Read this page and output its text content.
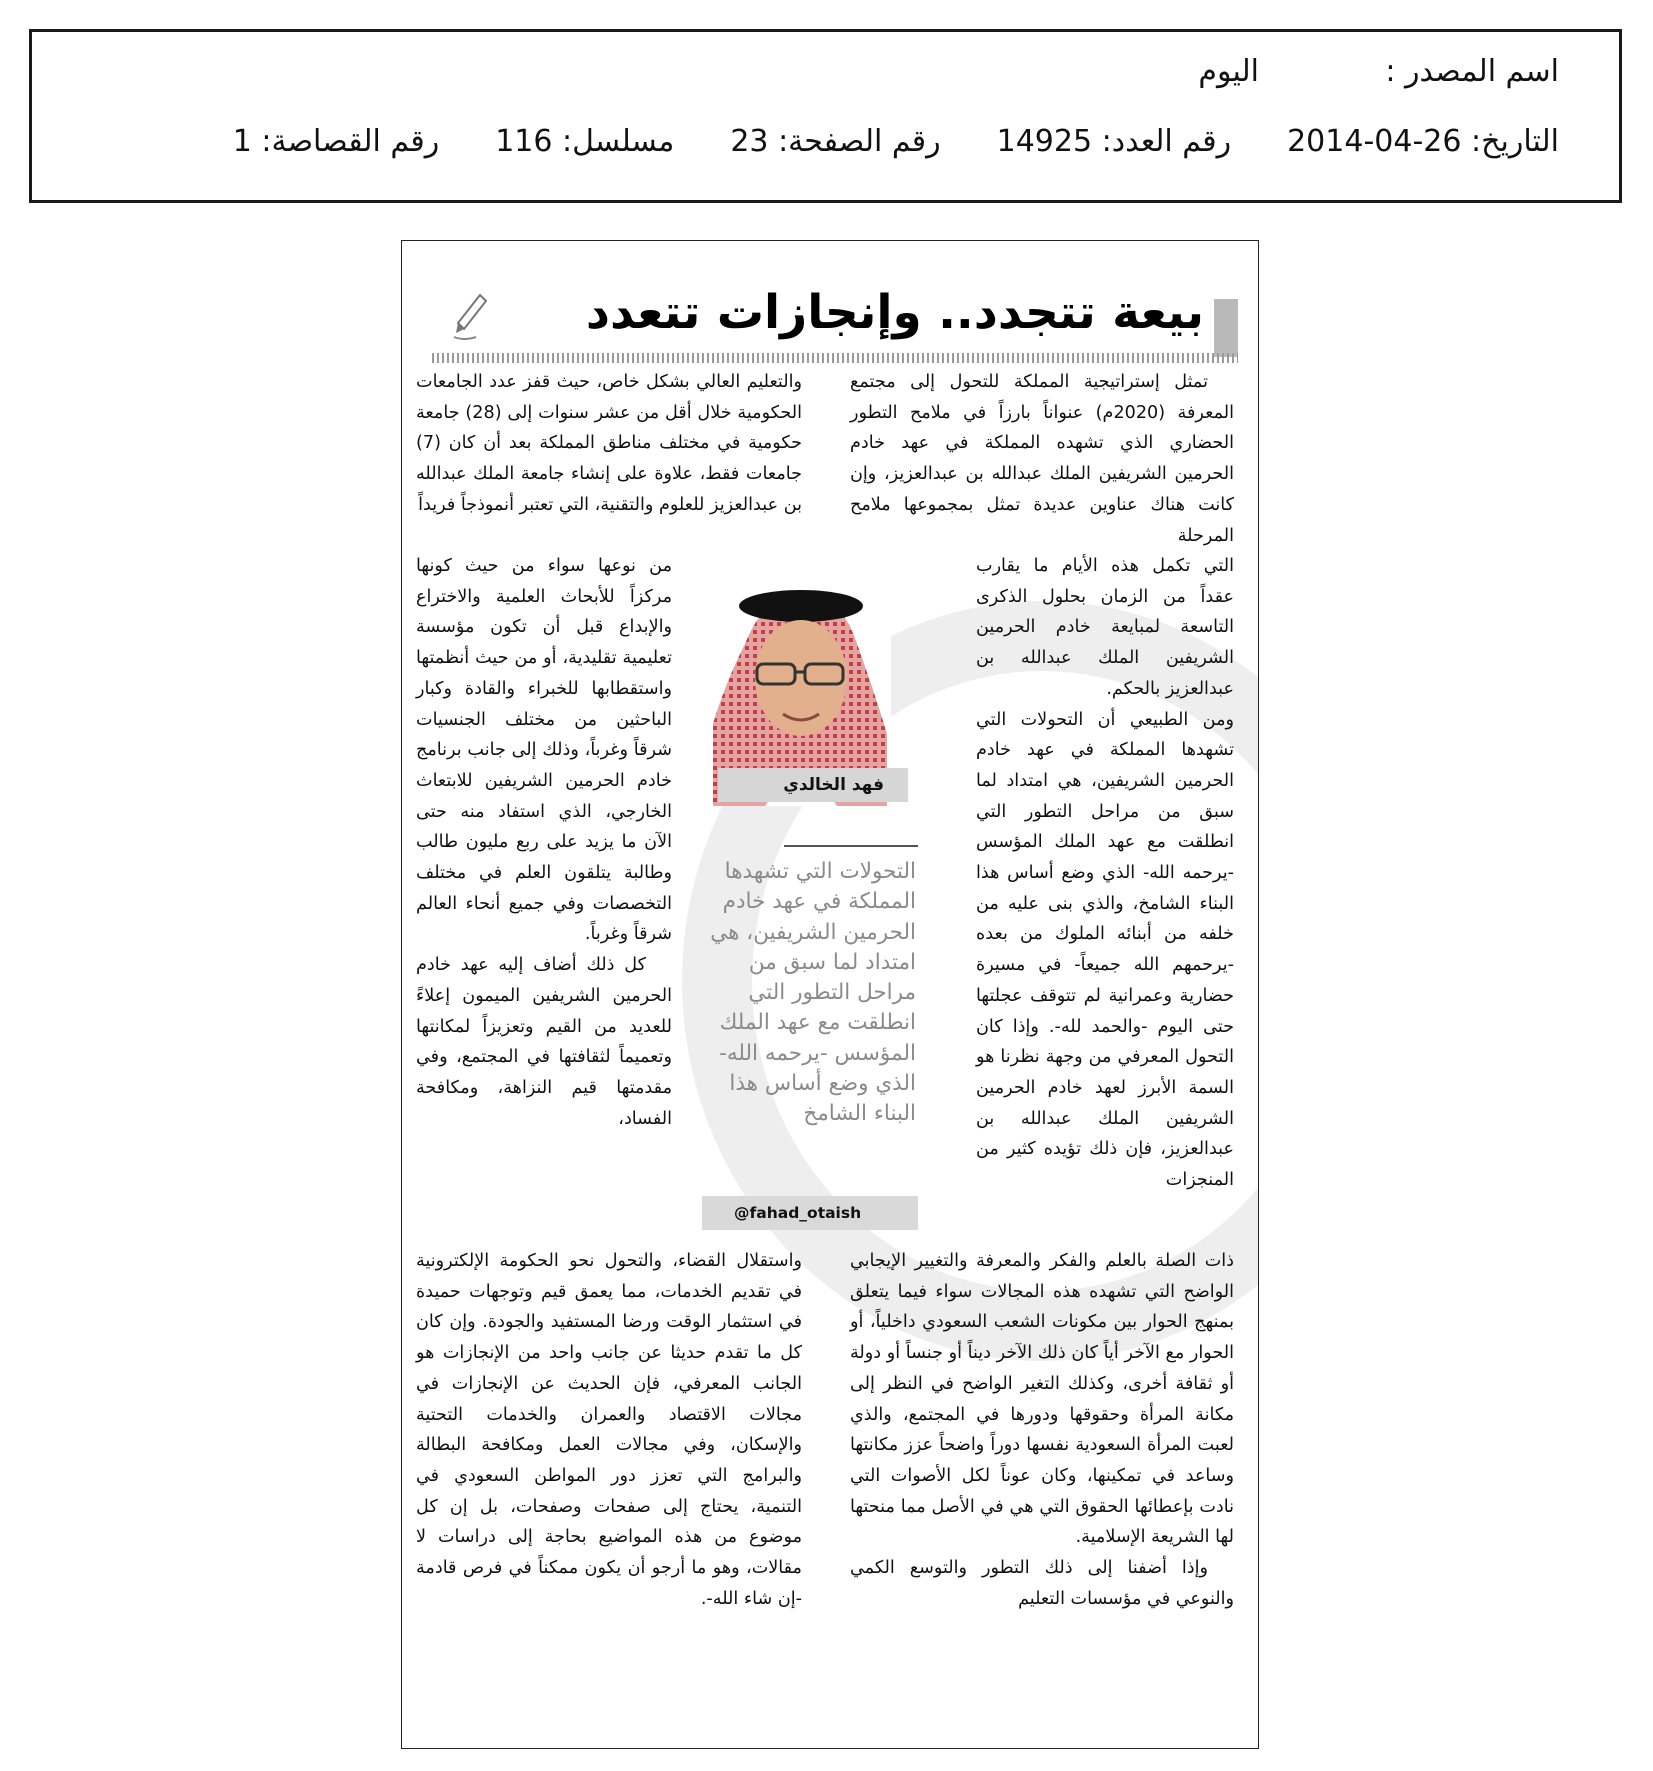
اسم المصدر :
اليوم
التاريخ: 26-04-2014
رقم العدد: 14925
رقم الصفحة: 23
مسلسل: 116
رقم القصاصة: 1
بيعة تتجدد.. وإنجازات تتعدد

تمثل إستراتيجية المملكة للتحول إلى مجتمع المعرفة (2020م) عنواناً بارزاً في ملامح التطور الحضاري الذي تشهده المملكة في عهد خادم الحرمين الشريفين الملك عبدالله بن عبدالعزيز، وإن كانت هناك عناوين عديدة تمثل بمجموعها ملامح المرحلة

التي تكمل هذه الأيام ما يقارب عقداً من الزمان بحلول الذكرى التاسعة لمبايعة خادم الحرمين الشريفين الملك عبدالله بن عبدالعزيز بالحكم.

ومن الطبيعي أن التحولات التي تشهدها المملكة في عهد خادم الحرمين الشريفين، هي امتداد لما سبق من مراحل التطور التي انطلقت مع عهد الملك المؤسس -يرحمه الله- الذي وضع أساس هذا البناء الشامخ، والذي بنى عليه من خلفه من أبنائه الملوك من بعده -يرحمهم الله جميعاً- في مسيرة حضارية وعمرانية لم تتوقف عجلتها حتى اليوم -والحمد لله-. وإذا كان التحول المعرفي من وجهة نظرنا هو السمة الأبرز لعهد خادم الحرمين الشريفين الملك عبدالله بن عبدالعزيز، فإن ذلك تؤيده كثير من المنجزات

ذات الصلة بالعلم والفكر والمعرفة والتغيير الإيجابي الواضح التي تشهده هذه المجالات سواء فيما يتعلق بمنهج الحوار بين مكونات الشعب السعودي داخلياً، أو الحوار مع الآخر أياً كان ذلك الآخر ديناً أو جنساً أو دولة أو ثقافة أخرى، وكذلك التغير الواضح في النظر إلى مكانة المرأة وحقوقها ودورها في المجتمع، والذي لعبت المرأة السعودية نفسها دوراً واضحاً عزز مكانتها وساعد في تمكينها، وكان عوناً لكل الأصوات التي نادت بإعطائها الحقوق التي هي في الأصل مما منحتها لها الشريعة الإسلامية.

وإذا أضفنا إلى ذلك التطور والتوسع الكمي والنوعي في مؤسسات التعليم

والتعليم العالي بشكل خاص، حيث قفز عدد الجامعات الحكومية خلال أقل من عشر سنوات إلى (28) جامعة حكومية في مختلف مناطق المملكة بعد أن كان (7) جامعات فقط، علاوة على إنشاء جامعة الملك عبدالله بن عبدالعزيز للعلوم والتقنية، التي تعتبر أنموذجاً فريداً

من نوعها سواء من حيث كونها مركزاً للأبحاث العلمية والاختراع والإبداع قبل أن تكون مؤسسة تعليمية تقليدية، أو من حيث أنظمتها واستقطابها للخبراء والقادة وكبار الباحثين من مختلف الجنسيات شرقاً وغرباً، وذلك إلى جانب برنامج خادم الحرمين الشريفين للابتعاث الخارجي، الذي استفاد منه حتى الآن ما يزيد على ربع مليون طالب وطالبة يتلقون العلم في مختلف التخصصات وفي جميع أنحاء العالم شرقاً وغرباً.

كل ذلك أضاف إليه عهد خادم الحرمين الشريفين الميمون إعلاءً للعديد من القيم وتعزيزاً لمكانتها وتعميماً لثقافتها في المجتمع، وفي مقدمتها قيم النزاهة، ومكافحة الفساد،

واستقلال القضاء، والتحول نحو الحكومة الإلكترونية في تقديم الخدمات، مما يعمق قيم وتوجهات حميدة في استثمار الوقت ورضا المستفيد والجودة. وإن كان كل ما تقدم حديثا عن جانب واحد من الإنجازات هو الجانب المعرفي، فإن الحديث عن الإنجازات في مجالات الاقتصاد والعمران والخدمات التحتية والإسكان، وفي مجالات العمل ومكافحة البطالة والبرامج التي تعزز دور المواطن السعودي في التنمية، يحتاج إلى صفحات وصفحات، بل إن كل موضوع من هذه المواضيع بحاجة إلى دراسات لا مقالات، وهو ما أرجو أن يكون ممكناً في فرص قادمة -إن شاء الله-.

فهد الخالدي
التحولات التي تشهدها المملكة في عهد خادم الحرمين الشريفين، هي امتداد لما سبق من مراحل التطور التي انطلقت مع عهد الملك المؤسس -يرحمه الله- الذي وضع أساس هذا البناء الشامخ
@fahad_otaish
